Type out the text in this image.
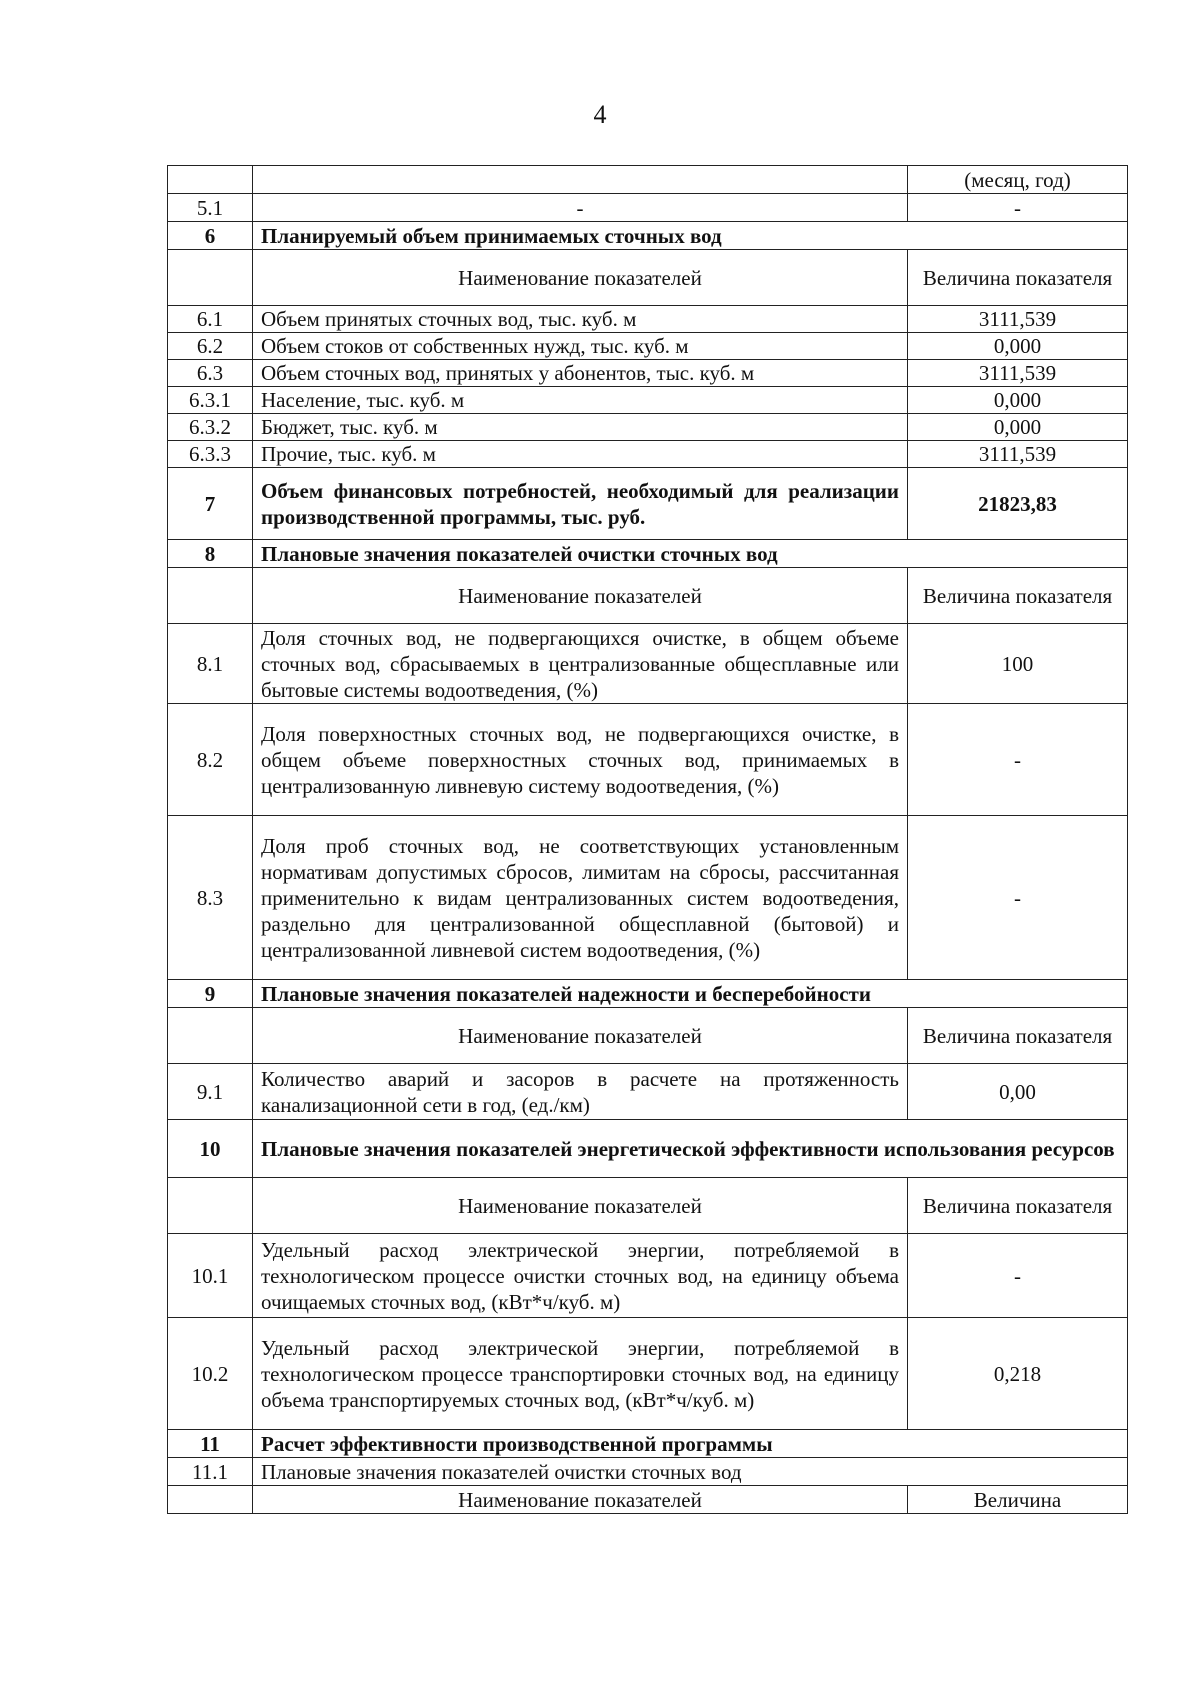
4
		(месяц, год)
5.1	-	-
6	Планируемый объем принимаемых сточных вод	
	Наименование показателей	Величина показателя
6.1	Объем принятых сточных вод, тыс. куб. м	3111,539
6.2	Объем стоков от собственных нужд, тыс. куб. м	0,000
6.3	Объем сточных вод, принятых у абонентов, тыс. куб. м	3111,539
6.3.1	Население, тыс. куб. м	0,000
6.3.2	Бюджет, тыс. куб. м	0,000
6.3.3	Прочие, тыс. куб. м	3111,539
7	Объем финансовых потребностей, необходимый для реализации производственной программы, тыс. руб.	21823,83
8	Плановые значения показателей очистки сточных вод	
	Наименование показателей	Величина показателя
8.1	Доля сточных вод, не подвергающихся очистке, в общем объеме сточных вод, сбрасываемых в централизованные общесплавные или бытовые системы водоотведения, (%)	100
8.2	Доля поверхностных сточных вод, не подвергающихся очистке, в общем объеме поверхностных сточных вод, принимаемых в централизованную ливневую систему водоотведения, (%)	-
8.3	Доля проб сточных вод, не соответствующих установленным нормативам допустимых сбросов, лимитам на сбросы, рассчитанная применительно к видам централизованных систем водоотведения, раздельно для централизованной общесплавной (бытовой) и централизованной ливневой систем водоотведения, (%)	-
9	Плановые значения показателей надежности и бесперебойности	
	Наименование показателей	Величина показателя
9.1	Количество аварий и засоров в расчете на протяженность канализационной сети в год, (ед./км)	0,00
10	Плановые значения показателей энергетической эффективности использования ресурсов	
	Наименование показателей	Величина показателя
10.1	Удельный расход электрической энергии, потребляемой в технологическом процессе очистки сточных вод, на единицу объема очищаемых сточных вод, (кВт*ч/куб. м)	-
10.2	Удельный расход электрической энергии, потребляемой в технологическом процессе транспортировки сточных вод, на единицу объема транспортируемых сточных вод, (кВт*ч/куб. м)	0,218
11	Расчет эффективности производственной программы	
11.1	Плановые значения показателей очистки сточных вод	
	Наименование показателей	Величина
